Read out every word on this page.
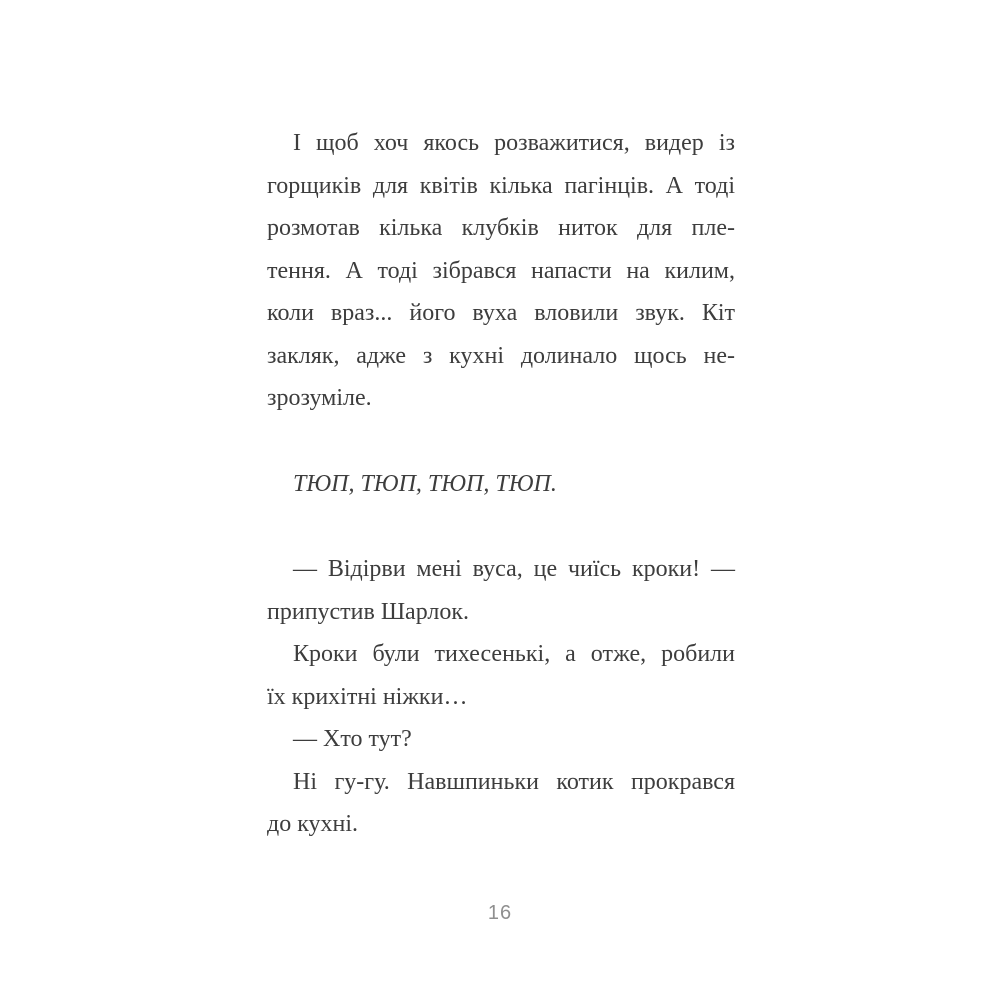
І щоб хоч якось розважитися, видер із
горщиків для квітів кілька пагінців. А тоді
розмотав кілька клубків ниток для пле-
тення. А тоді зібрався напасти на килим,
коли враз... його вуха вловили звук. Кіт
закляк, адже з кухні долинало щось не-
зрозуміле.
ТЮП, ТЮП, ТЮП, ТЮП.
— Відірви мені вуса, це чиїсь кроки! —
припустив Шарлок.
Кроки були тихесенькі, а отже, робили
їх крихітні ніжки…
— Хто тут?
Ні гу-гу. Навшпиньки котик прокрався
до кухні.
16
